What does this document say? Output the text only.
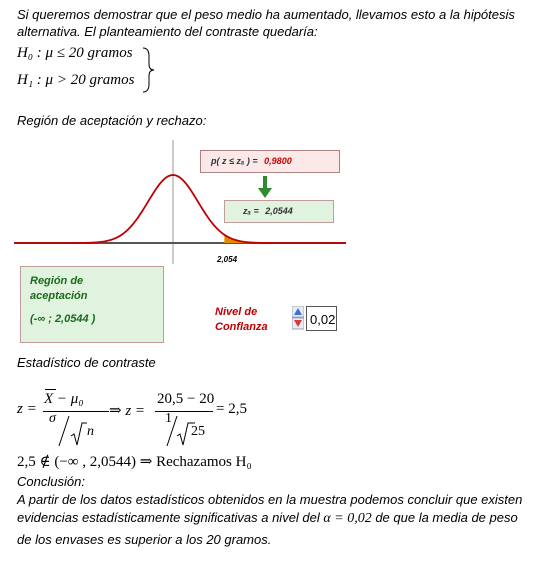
Si queremos demostrar que el peso medio ha aumentado, llevamos esto a la hipótesis
alternativa. El planteamiento del contraste quedaría:
H₀ : μ ≤ 20 gramos
H₁ : μ > 20 gramos
Región de aceptación y rechazo:
2,054
p( z ≤ zₐ ) = 0,9800
zₐ = 2,0544
Región de
aceptación
(-∞ ; 2,0544 )
Nivel de
Conflanza	0,02
Estadístico de contraste
z =
X − μ₀
σ
n
⇒ z =
20,5 − 20
1
25
= 2,5
2,5 ∉ (−∞ , 2,0544) ⇒ Rechazamos H₀
Conclusión:
A partir de los datos estadísticos obtenidos en la muestra podemos concluir que existen
evidencias estadísticamente significativas a nivel del α = 0,02 de que la media de peso
de los envases es superior a los 20 gramos.
